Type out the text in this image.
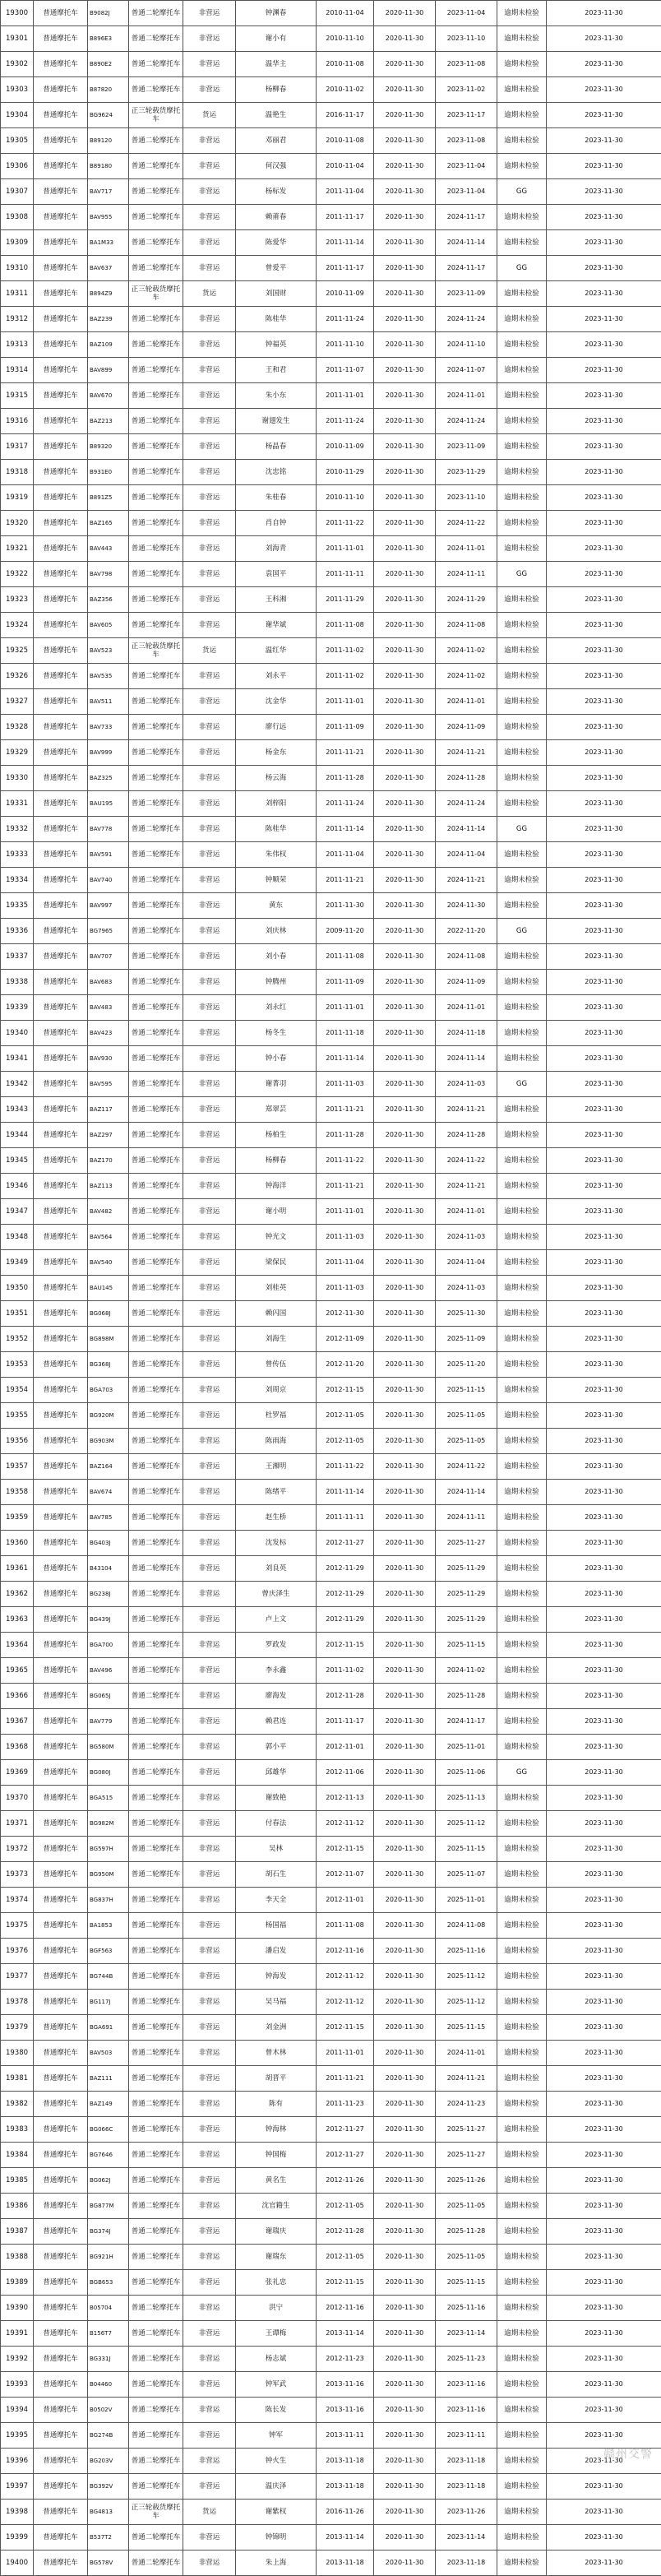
19300	普通摩托车	B9082J	普通二轮摩托车	非营运	钟渊春	2010-11-04	2020-11-30	2023-11-04	逾期未检验	2023-11-30
19301	普通摩托车	B896E3	普通二轮摩托车	非营运	谢小有	2010-11-10	2020-11-30	2023-11-10	逾期未检验	2023-11-30
19302	普通摩托车	B890E2	普通二轮摩托车	非营运	温华主	2010-11-08	2020-11-30	2023-11-08	逾期未检验	2023-11-30
19303	普通摩托车	B87820	普通二轮摩托车	非营运	杨柳春	2010-11-02	2020-11-30	2023-11-02	逾期未检验	2023-11-30
19304	普通摩托车	BG9624	正三轮载货摩托车	货运	温艳生	2016-11-17	2020-11-30	2023-11-17	逾期未检验	2023-11-30
19305	普通摩托车	B89120	普通二轮摩托车	非营运	邓丽君	2010-11-08	2020-11-30	2023-11-08	逾期未检验	2023-11-30
19306	普通摩托车	B89180	普通二轮摩托车	非营运	何汉强	2010-11-04	2020-11-30	2023-11-04	逾期未检验	2023-11-30
19307	普通摩托车	BAV717	普通二轮摩托车	非营运	杨标发	2011-11-04	2020-11-30	2023-11-04	GG	2023-11-30
19308	普通摩托车	BAV955	普通二轮摩托车	非营运	赖莆春	2011-11-17	2020-11-30	2024-11-17	逾期未检验	2023-11-30
19309	普通摩托车	BA1M33	普通二轮摩托车	非营运	陈爱华	2011-11-14	2020-11-30	2024-11-14	逾期未检验	2023-11-30
19310	普通摩托车	BAV637	普通二轮摩托车	非营运	曾爱平	2011-11-17	2020-11-30	2024-11-17	GG	2023-11-30
19311	普通摩托车	B894Z9	正三轮载货摩托车	货运	刘国财	2010-11-09	2020-11-30	2023-11-09	逾期未检验	2023-11-30
19312	普通摩托车	BAZ239	普通二轮摩托车	非营运	陈桂华	2011-11-24	2020-11-30	2024-11-24	逾期未检验	2023-11-30
19313	普通摩托车	BAZ109	普通二轮摩托车	非营运	钟福英	2011-11-10	2020-11-30	2024-11-10	逾期未检验	2023-11-30
19314	普通摩托车	BAV899	普通二轮摩托车	非营运	王和君	2011-11-07	2020-11-30	2024-11-07	逾期未检验	2023-11-30
19315	普通摩托车	BAV670	普通二轮摩托车	非营运	朱小东	2011-11-01	2020-11-30	2024-11-01	逾期未检验	2023-11-30
19316	普通摩托车	BAZ213	普通二轮摩托车	非营运	谢翅发生	2011-11-24	2020-11-30	2024-11-24	逾期未检验	2023-11-30
19317	普通摩托车	B89320	普通二轮摩托车	非营运	杨晶春	2010-11-09	2020-11-30	2023-11-09	逾期未检验	2023-11-30
19318	普通摩托车	B931E0	普通二轮摩托车	非营运	沈忠铭	2010-11-29	2020-11-30	2023-11-29	逾期未检验	2023-11-30
19319	普通摩托车	B891Z5	普通二轮摩托车	非营运	朱桂春	2010-11-10	2020-11-30	2023-11-10	逾期未检验	2023-11-30
19320	普通摩托车	BAZ165	普通二轮摩托车	非营运	肖自钟	2011-11-22	2020-11-30	2024-11-22	逾期未检验	2023-11-30
19321	普通摩托车	BAV443	普通二轮摩托车	非营运	刘海青	2011-11-01	2020-11-30	2024-11-01	逾期未检验	2023-11-30
19322	普通摩托车	BAV798	普通二轮摩托车	非营运	袁国平	2011-11-11	2020-11-30	2024-11-11	GG	2023-11-30
19323	普通摩托车	BAZ356	普通二轮摩托车	非营运	王科湘	2011-11-29	2020-11-30	2024-11-29	逾期未检验	2023-11-30
19324	普通摩托车	BAV605	普通二轮摩托车	非营运	谢华斌	2011-11-08	2020-11-30	2024-11-08	逾期未检验	2023-11-30
19325	普通摩托车	BAV523	正三轮载货摩托车	货运	温红华	2011-11-02	2020-11-30	2024-11-02	逾期未检验	2023-11-30
19326	普通摩托车	BAV535	普通二轮摩托车	非营运	刘永平	2011-11-02	2020-11-30	2024-11-02	逾期未检验	2023-11-30
19327	普通摩托车	BAV511	普通二轮摩托车	非营运	沈金华	2011-11-01	2020-11-30	2024-11-01	逾期未检验	2023-11-30
19328	普通摩托车	BAV733	普通二轮摩托车	非营运	廖行远	2011-11-09	2020-11-30	2024-11-09	逾期未检验	2023-11-30
19329	普通摩托车	BAV999	普通二轮摩托车	非营运	杨金东	2011-11-21	2020-11-30	2024-11-21	逾期未检验	2023-11-30
19330	普通摩托车	BAZ325	普通二轮摩托车	非营运	杨云海	2011-11-28	2020-11-30	2024-11-28	逾期未检验	2023-11-30
19331	普通摩托车	BAU195	普通二轮摩托车	非营运	刘梓阳	2011-11-24	2020-11-30	2024-11-24	逾期未检验	2023-11-30
19332	普通摩托车	BAV778	普通二轮摩托车	非营运	陈桂华	2011-11-14	2020-11-30	2024-11-14	GG	2023-11-30
19333	普通摩托车	BAV591	普通二轮摩托车	非营运	朱伟权	2011-11-04	2020-11-30	2024-11-04	逾期未检验	2023-11-30
19334	普通摩托车	BAV740	普通二轮摩托车	非营运	钟顺荣	2011-11-21	2020-11-30	2024-11-21	逾期未检验	2023-11-30
19335	普通摩托车	BAV997	普通二轮摩托车	非营运	黄东	2011-11-30	2020-11-30	2024-11-30	逾期未检验	2023-11-30
19336	普通摩托车	BG7965	普通二轮摩托车	非营运	刘庆林	2009-11-20	2020-11-30	2022-11-20	GG	2023-11-30
19337	普通摩托车	BAV707	普通二轮摩托车	非营运	刘小春	2011-11-08	2020-11-30	2024-11-08	逾期未检验	2023-11-30
19338	普通摩托车	BAV683	普通二轮摩托车	非营运	钟腾州	2011-11-09	2020-11-30	2024-11-09	逾期未检验	2023-11-30
19339	普通摩托车	BAV483	普通二轮摩托车	非营运	刘永红	2011-11-01	2020-11-30	2024-11-01	逾期未检验	2023-11-30
19340	普通摩托车	BAV423	普通二轮摩托车	非营运	杨冬生	2011-11-18	2020-11-30	2024-11-18	逾期未检验	2023-11-30
19341	普通摩托车	BAV930	普通二轮摩托车	非营运	钟小春	2011-11-14	2020-11-30	2024-11-14	逾期未检验	2023-11-30
19342	普通摩托车	BAV595	普通二轮摩托车	非营运	谢菁羽	2011-11-03	2020-11-30	2024-11-03	GG	2023-11-30
19343	普通摩托车	BAZ117	普通二轮摩托车	非营运	郑翠芸	2011-11-21	2020-11-30	2024-11-21	逾期未检验	2023-11-30
19344	普通摩托车	BAZ297	普通二轮摩托车	非营运	杨柏生	2011-11-28	2020-11-30	2024-11-28	逾期未检验	2023-11-30
19345	普通摩托车	BAZ170	普通二轮摩托车	非营运	杨柳春	2011-11-22	2020-11-30	2024-11-22	逾期未检验	2023-11-30
19346	普通摩托车	BAZ113	普通二轮摩托车	非营运	钟海洋	2011-11-21	2020-11-30	2024-11-21	逾期未检验	2023-11-30
19347	普通摩托车	BAV482	普通二轮摩托车	非营运	谢小明	2011-11-01	2020-11-30	2024-11-01	逾期未检验	2023-11-30
19348	普通摩托车	BAV564	普通二轮摩托车	非营运	钟光文	2011-11-03	2020-11-30	2024-11-03	逾期未检验	2023-11-30
19349	普通摩托车	BAV540	普通二轮摩托车	非营运	梁保民	2011-11-04	2020-11-30	2024-11-04	逾期未检验	2023-11-30
19350	普通摩托车	BAU145	普通二轮摩托车	非营运	刘桂英	2011-11-03	2020-11-30	2024-11-03	逾期未检验	2023-11-30
19351	普通摩托车	BG068J	普通二轮摩托车	非营运	赖闪国	2012-11-30	2020-11-30	2025-11-30	逾期未检验	2023-11-30
19352	普通摩托车	BG898M	普通二轮摩托车	非营运	刘海生	2012-11-09	2020-11-30	2025-11-09	逾期未检验	2023-11-30
19353	普通摩托车	BG368J	普通二轮摩托车	非营运	曾传伍	2012-11-20	2020-11-30	2025-11-20	逾期未检验	2023-11-30
19354	普通摩托车	BGA703	普通二轮摩托车	非营运	刘周京	2012-11-15	2020-11-30	2025-11-15	逾期未检验	2023-11-30
19355	普通摩托车	BG920M	普通二轮摩托车	非营运	杜罗福	2012-11-05	2020-11-30	2025-11-05	逾期未检验	2023-11-30
19356	普通摩托车	BG903M	普通二轮摩托车	非营运	陈雨海	2012-11-05	2020-11-30	2025-11-05	逾期未检验	2023-11-30
19357	普通摩托车	BAZ164	普通二轮摩托车	非营运	王湘明	2011-11-22	2020-11-30	2024-11-22	逾期未检验	2023-11-30
19358	普通摩托车	BAV674	普通二轮摩托车	非营运	陈绪平	2011-11-14	2020-11-30	2024-11-14	逾期未检验	2023-11-30
19359	普通摩托车	BAV785	普通二轮摩托车	非营运	赵生桥	2011-11-11	2020-11-30	2024-11-11	逾期未检验	2023-11-30
19360	普通摩托车	BG403J	普通二轮摩托车	非营运	沈发标	2012-11-27	2020-11-30	2025-11-27	逾期未检验	2023-11-30
19361	普通摩托车	B43104	普通二轮摩托车	非营运	刘良英	2012-11-29	2020-11-30	2025-11-29	逾期未检验	2023-11-30
19362	普通摩托车	BG238J	普通二轮摩托车	非营运	曾庆泽生	2012-11-29	2020-11-30	2025-11-29	逾期未检验	2023-11-30
19363	普通摩托车	BG439J	普通二轮摩托车	非营运	卢上文	2012-11-29	2020-11-30	2025-11-29	逾期未检验	2023-11-30
19364	普通摩托车	BGA700	普通二轮摩托车	非营运	罗政发	2012-11-15	2020-11-30	2025-11-15	逾期未检验	2023-11-30
19365	普通摩托车	BAV496	普通二轮摩托车	非营运	李永鑫	2011-11-02	2020-11-30	2024-11-02	逾期未检验	2023-11-30
19366	普通摩托车	BG065J	普通二轮摩托车	非营运	廖海发	2012-11-28	2020-11-30	2025-11-28	逾期未检验	2023-11-30
19367	普通摩托车	BAV779	普通二轮摩托车	非营运	赖君连	2011-11-17	2020-11-30	2024-11-17	逾期未检验	2023-11-30
19368	普通摩托车	BG580M	普通二轮摩托车	非营运	郭小平	2012-11-01	2020-11-30	2025-11-01	逾期未检验	2023-11-30
19369	普通摩托车	BG080J	普通二轮摩托车	非营运	邱雄华	2012-11-06	2020-11-30	2025-11-06	GG	2023-11-30
19370	普通摩托车	BGA515	普通二轮摩托车	非营运	谢致艳	2012-11-13	2020-11-30	2025-11-13	逾期未检验	2023-11-30
19371	普通摩托车	BG982M	普通二轮摩托车	非营运	付春法	2012-11-12	2020-11-30	2025-11-12	逾期未检验	2023-11-30
19372	普通摩托车	BG597H	普通二轮摩托车	非营运	吴林	2012-11-15	2020-11-30	2025-11-15	逾期未检验	2023-11-30
19373	普通摩托车	BG950M	普通二轮摩托车	非营运	胡石生	2012-11-07	2020-11-30	2025-11-07	逾期未检验	2023-11-30
19374	普通摩托车	BG837H	普通二轮摩托车	非营运	李天全	2012-11-01	2020-11-30	2025-11-01	逾期未检验	2023-11-30
19375	普通摩托车	BA1853	普通二轮摩托车	非营运	杨国福	2011-11-08	2020-11-30	2024-11-08	逾期未检验	2023-11-30
19376	普通摩托车	BGF563	普通二轮摩托车	非营运	潘启发	2012-11-16	2020-11-30	2025-11-16	逾期未检验	2023-11-30
19377	普通摩托车	BG744B	普通二轮摩托车	非营运	钟海发	2012-11-12	2020-11-30	2025-11-12	逾期未检验	2023-11-30
19378	普通摩托车	BG117J	普通二轮摩托车	非营运	吴马福	2012-11-12	2020-11-30	2025-11-12	逾期未检验	2023-11-30
19379	普通摩托车	BGA691	普通二轮摩托车	非营运	刘金洲	2012-11-15	2020-11-30	2025-11-15	逾期未检验	2023-11-30
19380	普通摩托车	BAV503	普通二轮摩托车	非营运	曾木林	2011-11-01	2020-11-30	2024-11-01	逾期未检验	2023-11-30
19381	普通摩托车	BAZ111	普通二轮摩托车	非营运	胡晋平	2011-11-21	2020-11-30	2024-11-21	逾期未检验	2023-11-30
19382	普通摩托车	BAZ149	普通二轮摩托车	非营运	陈有	2011-11-23	2020-11-30	2024-11-23	逾期未检验	2023-11-30
19383	普通摩托车	BG066C	普通二轮摩托车	非营运	钟海林	2012-11-27	2020-11-30	2025-11-27	逾期未检验	2023-11-30
19384	普通摩托车	BG7646	普通二轮摩托车	非营运	钟国梅	2012-11-27	2020-11-30	2025-11-27	逾期未检验	2023-11-30
19385	普通摩托车	BG062J	普通二轮摩托车	非营运	黄名生	2012-11-26	2020-11-30	2025-11-26	逾期未检验	2023-11-30
19386	普通摩托车	BG877M	普通二轮摩托车	非营运	沈官籍生	2012-11-05	2020-11-30	2025-11-05	逾期未检验	2023-11-30
19387	普通摩托车	BG374J	普通二轮摩托车	非营运	谢瑞庆	2012-11-28	2020-11-30	2025-11-28	逾期未检验	2023-11-30
19388	普通摩托车	BG921H	普通二轮摩托车	非营运	谢瑞东	2012-11-05	2020-11-30	2025-11-05	逾期未检验	2023-11-30
19389	普通摩托车	BGB653	普通二轮摩托车	非营运	张礼忠	2012-11-15	2020-11-30	2025-11-15	逾期未检验	2023-11-30
19390	普通摩托车	B05704	普通二轮摩托车	非营运	洪宁	2012-11-16	2020-11-30	2025-11-16	逾期未检验	2023-11-30
19391	普通摩托车	B156T7	普通二轮摩托车	非营运	王谭梅	2013-11-14	2020-11-30	2023-11-14	逾期未检验	2023-11-30
19392	普通摩托车	BG331J	普通二轮摩托车	非营运	杨志斌	2012-11-23	2020-11-30	2025-11-23	逾期未检验	2023-11-30
19393	普通摩托车	B04460	普通二轮摩托车	非营运	钟军武	2013-11-16	2020-11-30	2023-11-16	逾期未检验	2023-11-30
19394	普通摩托车	B0502V	普通二轮摩托车	非营运	陈长发	2013-11-16	2020-11-30	2023-11-16	逾期未检验	2023-11-30
19395	普通摩托车	BG274B	普通二轮摩托车	非营运	钟军	2013-11-11	2020-11-30	2023-11-11	逾期未检验	2023-11-30
19396	普通摩托车	BG203V	普通二轮摩托车	非营运	钟火生	2013-11-18	2020-11-30	2023-11-18	逾期未检验	2023-11-30
19397	普通摩托车	BG392V	普通二轮摩托车	非营运	温庆泽	2013-11-18	2020-11-30	2023-11-18	逾期未检验	2023-11-30
19398	普通摩托车	BG4813	正三轮载货摩托车	货运	谢紫权	2016-11-26	2020-11-30	2023-11-26	逾期未检验	2023-11-30
19399	普通摩托车	B537T2	普通二轮摩托车	非营运	钟锦明	2013-11-14	2020-11-30	2023-11-14	逾期未检验	2023-11-30
19400	普通摩托车	BG578V	普通二轮摩托车	非营运	朱上海	2013-11-18	2020-11-30	2023-11-18	逾期未检验	2023-11-30
赣州交警
